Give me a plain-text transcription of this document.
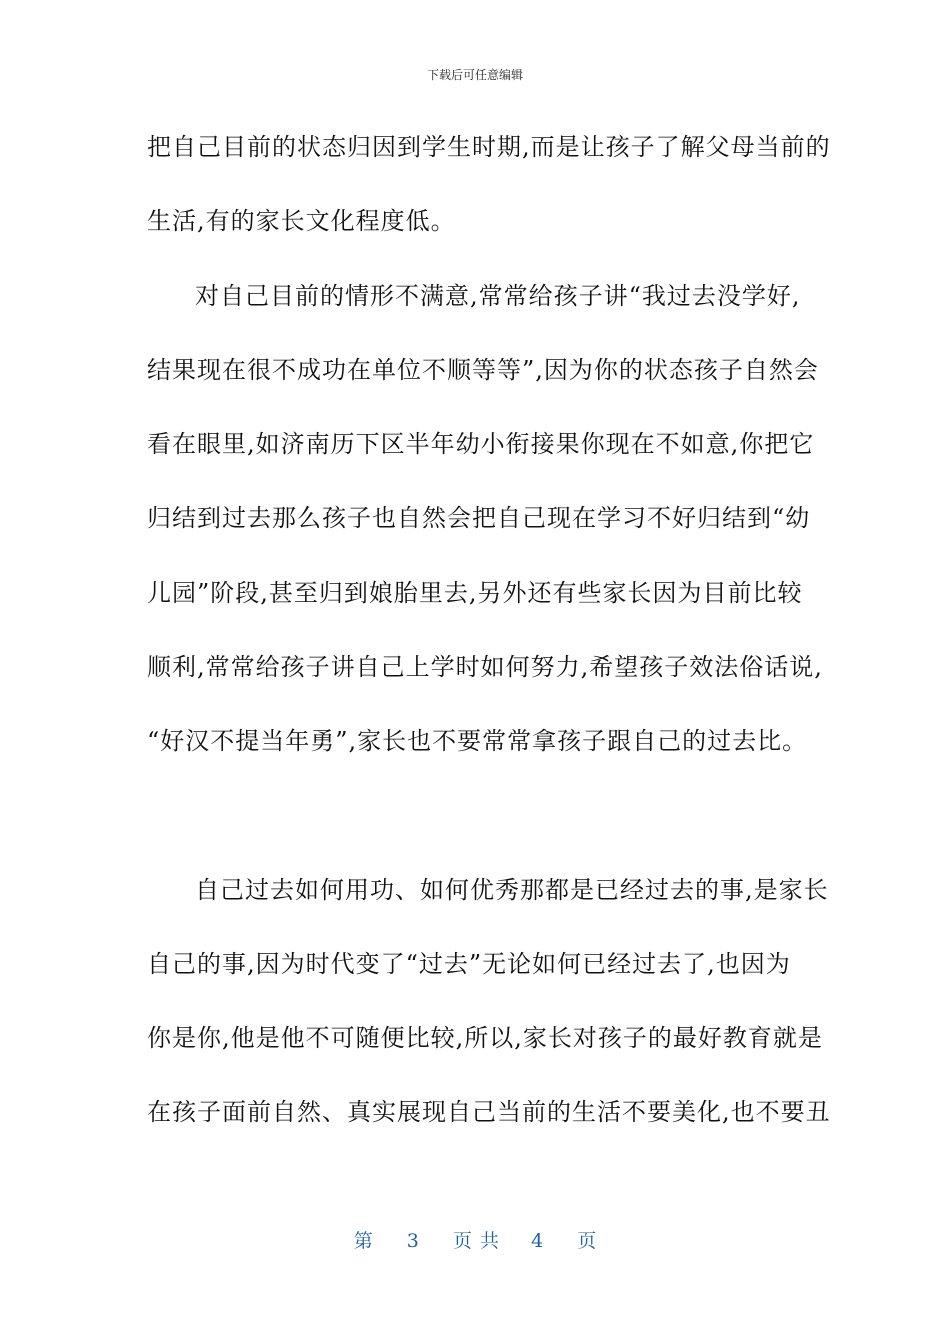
下载后可任意编辑
把自己目前的状态归因到学生时期,而是让孩子了解父母当前的
生活,有的家长文化程度低。
对自己目前的情形不满意,常常给孩子讲“我过去没学好,
结果现在很不成功在单位不顺等等”,因为你的状态孩子自然会
看在眼里,如济南历下区半年幼小衔接果你现在不如意,你把它
归结到过去那么孩子也自然会把自己现在学习不好归结到“幼
儿园”阶段,甚至归到娘胎里去,另外还有些家长因为目前比较
顺利,常常给孩子讲自己上学时如何努力,希望孩子效法俗话说,
“好汉不提当年勇”,家长也不要常常拿孩子跟自己的过去比。
自己过去如何用功、如何优秀那都是已经过去的事,是家长
自己的事,因为时代变了“过去”无论如何已经过去了,也因为
你是你,他是他不可随便比较,所以,家长对孩子的最好教育就是
在孩子面前自然、真实展现自己当前的生活不要美化,也不要丑
第 3 页共 4 页
